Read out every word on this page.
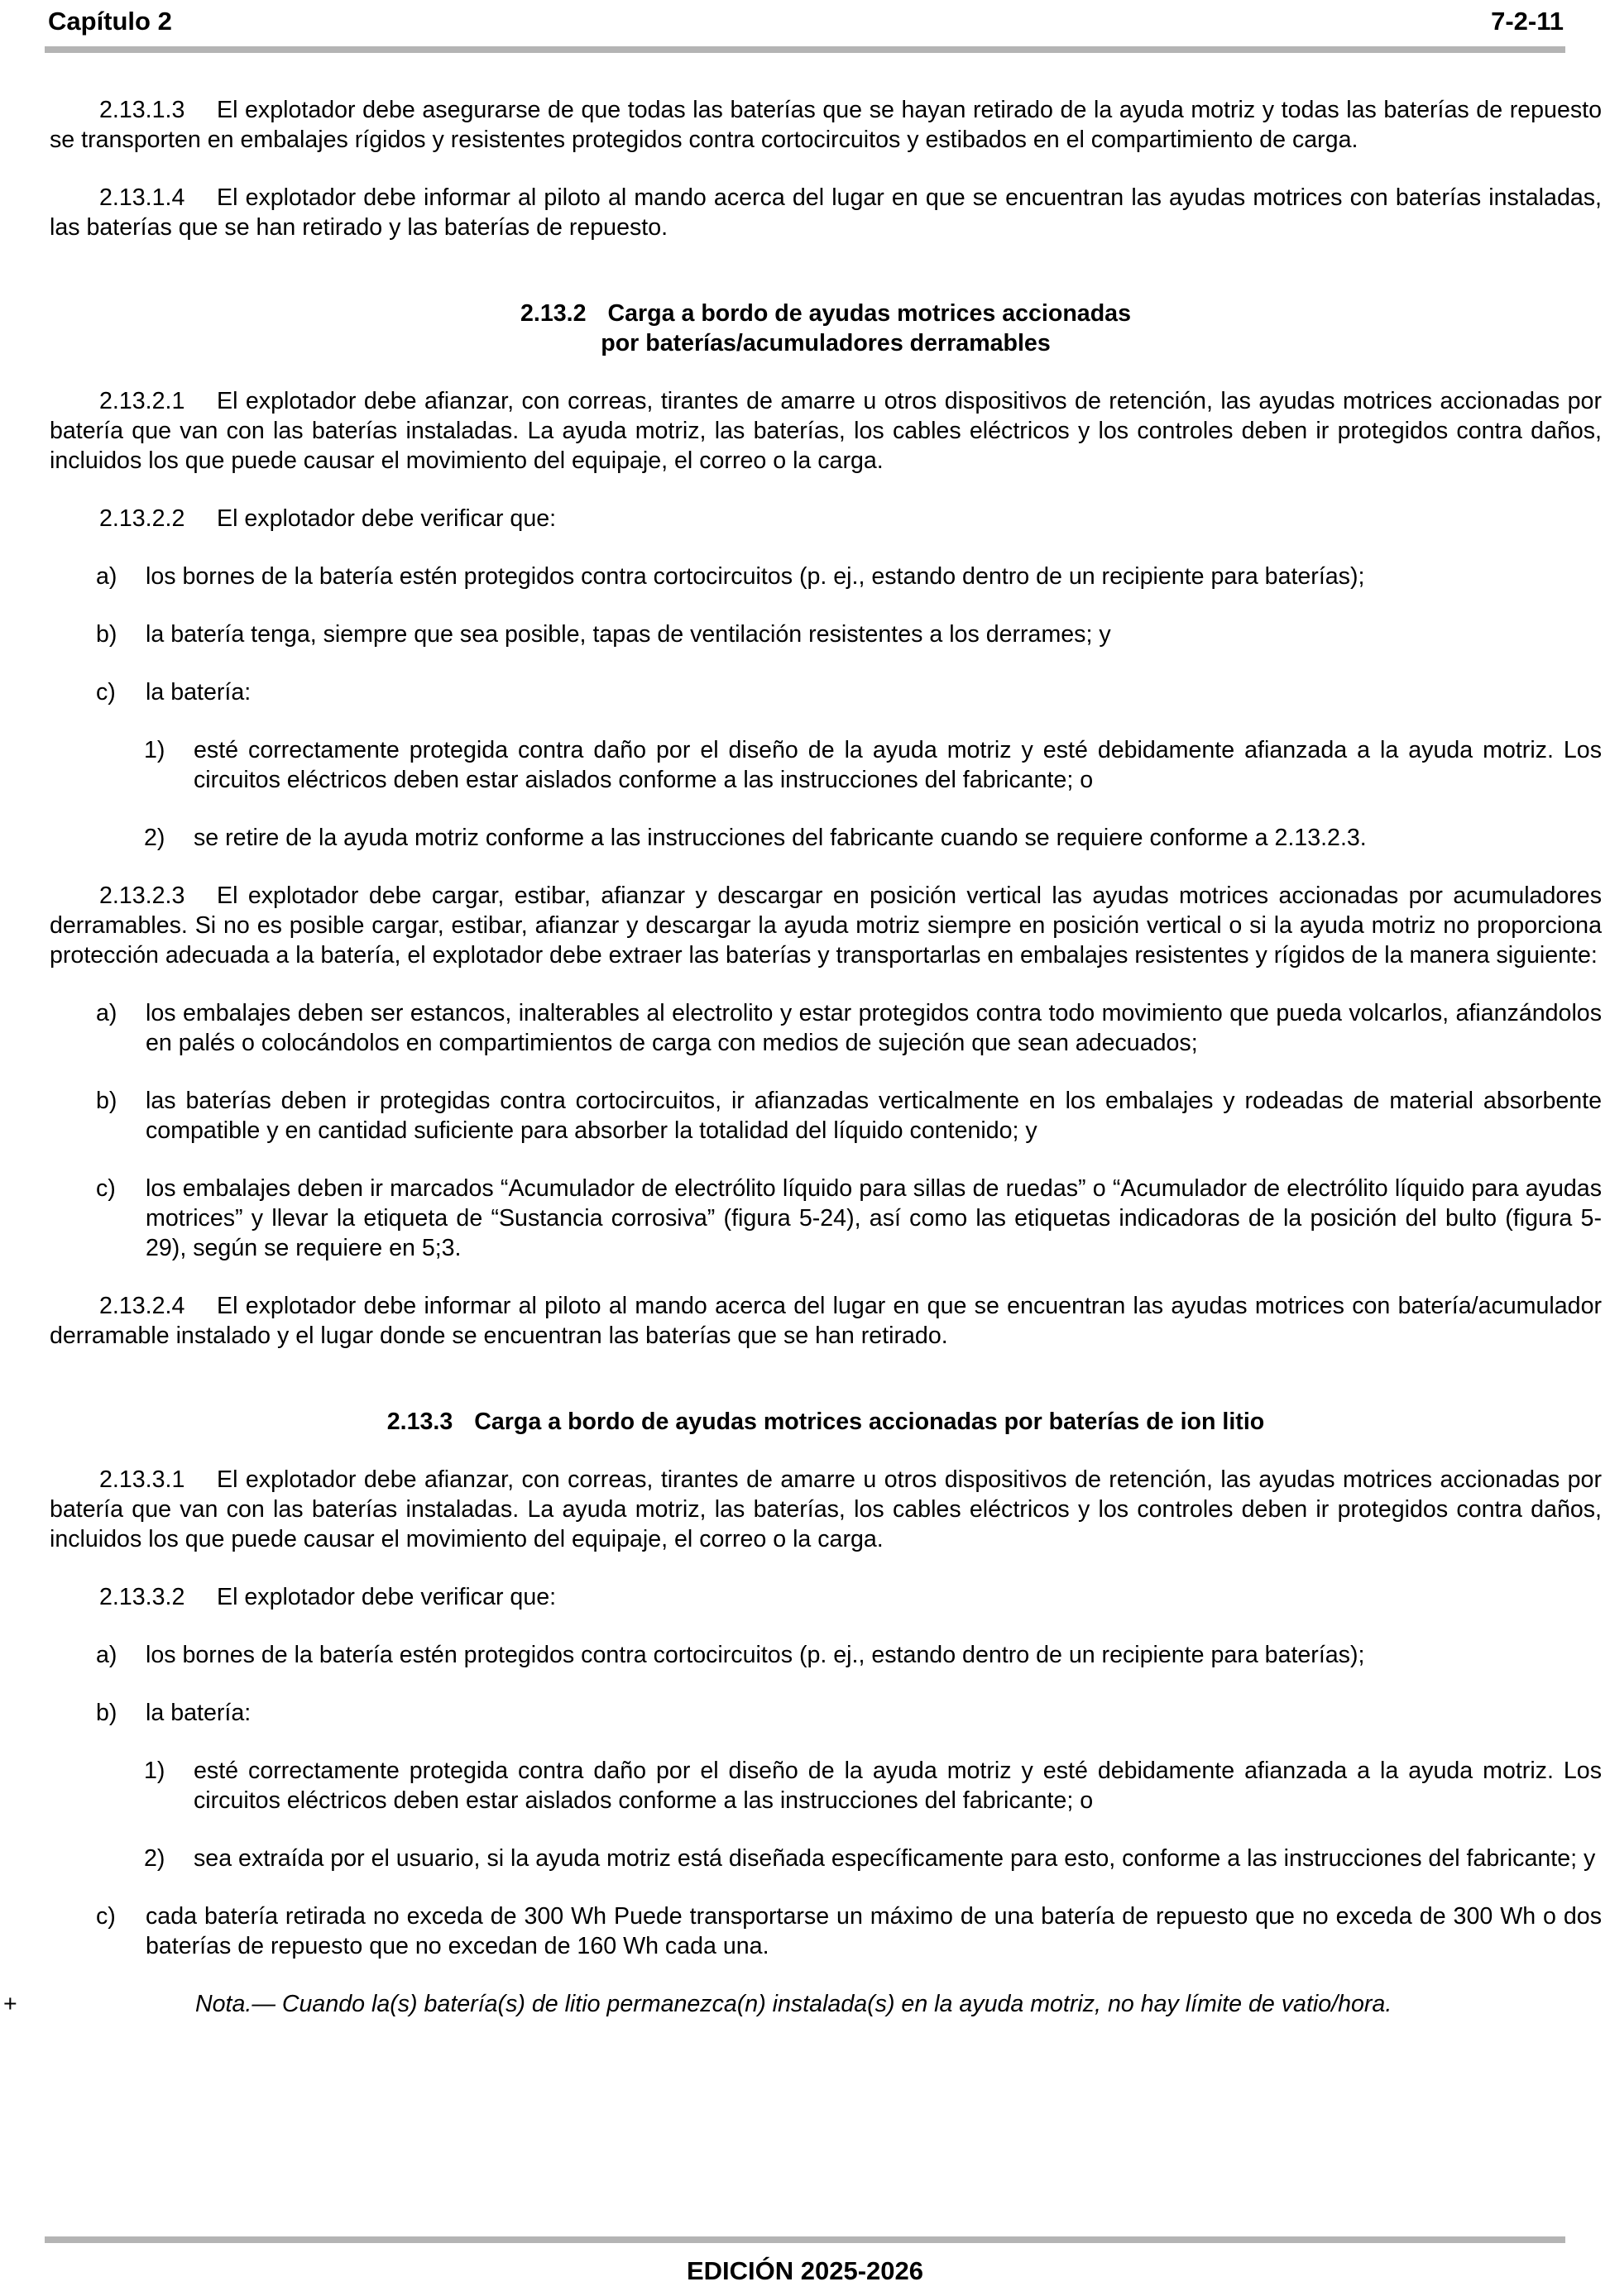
Capítulo 2	7-2-11

2.13.1.3 El explotador debe asegurarse de que todas las baterías que se hayan retirado de la ayuda motriz y todas las baterías de repuesto se transporten en embalajes rígidos y resistentes protegidos contra cortocircuitos y estibados en el compartimiento de carga.

2.13.1.4 El explotador debe informar al piloto al mando acerca del lugar en que se encuentran las ayudas motrices con baterías instaladas, las baterías que se han retirado y las baterías de repuesto.

2.13.2 Carga a bordo de ayudas motrices accionadas
por baterías/acumuladores derramables

2.13.2.1 El explotador debe afianzar, con correas, tirantes de amarre u otros dispositivos de retención, las ayudas motrices accionadas por batería que van con las baterías instaladas. La ayuda motriz, las baterías, los cables eléctricos y los controles deben ir protegidos contra daños, incluidos los que puede causar el movimiento del equipaje, el correo o la carga.

2.13.2.2 El explotador debe verificar que:

a) los bornes de la batería estén protegidos contra cortocircuitos (p. ej., estando dentro de un recipiente para baterías);
b) la batería tenga, siempre que sea posible, tapas de ventilación resistentes a los derrames; y
c) la batería:
1) esté correctamente protegida contra daño por el diseño de la ayuda motriz y esté debidamente afianzada a la ayuda motriz. Los circuitos eléctricos deben estar aislados conforme a las instrucciones del fabricante; o
2) se retire de la ayuda motriz conforme a las instrucciones del fabricante cuando se requiere conforme a 2.13.2.3.

2.13.2.3 El explotador debe cargar, estibar, afianzar y descargar en posición vertical las ayudas motrices accionadas por acumuladores derramables. Si no es posible cargar, estibar, afianzar y descargar la ayuda motriz siempre en posición vertical o si la ayuda motriz no proporciona protección adecuada a la batería, el explotador debe extraer las baterías y transportarlas en embalajes resistentes y rígidos de la manera siguiente:

a) los embalajes deben ser estancos, inalterables al electrolito y estar protegidos contra todo movimiento que pueda volcarlos, afianzándolos en palés o colocándolos en compartimientos de carga con medios de sujeción que sean adecuados;
b) las baterías deben ir protegidas contra cortocircuitos, ir afianzadas verticalmente en los embalajes y rodeadas de material absorbente compatible y en cantidad suficiente para absorber la totalidad del líquido contenido; y
c) los embalajes deben ir marcados “Acumulador de electrólito líquido para sillas de ruedas” o “Acumulador de electrólito líquido para ayudas motrices” y llevar la etiqueta de “Sustancia corrosiva” (figura 5-24), así como las etiquetas indicadoras de la posición del bulto (figura 5-29), según se requiere en 5;3.

2.13.2.4 El explotador debe informar al piloto al mando acerca del lugar en que se encuentran las ayudas motrices con batería/acumulador derramable instalado y el lugar donde se encuentran las baterías que se han retirado.

2.13.3 Carga a bordo de ayudas motrices accionadas por baterías de ion litio

2.13.3.1 El explotador debe afianzar, con correas, tirantes de amarre u otros dispositivos de retención, las ayudas motrices accionadas por batería que van con las baterías instaladas. La ayuda motriz, las baterías, los cables eléctricos y los controles deben ir protegidos contra daños, incluidos los que puede causar el movimiento del equipaje, el correo o la carga.

2.13.3.2 El explotador debe verificar que:

a) los bornes de la batería estén protegidos contra cortocircuitos (p. ej., estando dentro de un recipiente para baterías);
b) la batería:
1) esté correctamente protegida contra daño por el diseño de la ayuda motriz y esté debidamente afianzada a la ayuda motriz. Los circuitos eléctricos deben estar aislados conforme a las instrucciones del fabricante; o
2) sea extraída por el usuario, si la ayuda motriz está diseñada específicamente para esto, conforme a las instrucciones del fabricante; y
c) cada batería retirada no exceda de 300 Wh Puede transportarse un máximo de una batería de repuesto que no exceda de 300 Wh o dos baterías de repuesto que no excedan de 160 Wh cada una.
+	Nota.— Cuando la(s) batería(s) de litio permanezca(n) instalada(s) en la ayuda motriz, no hay límite de vatio/hora.
EDICIÓN 2025-2026
